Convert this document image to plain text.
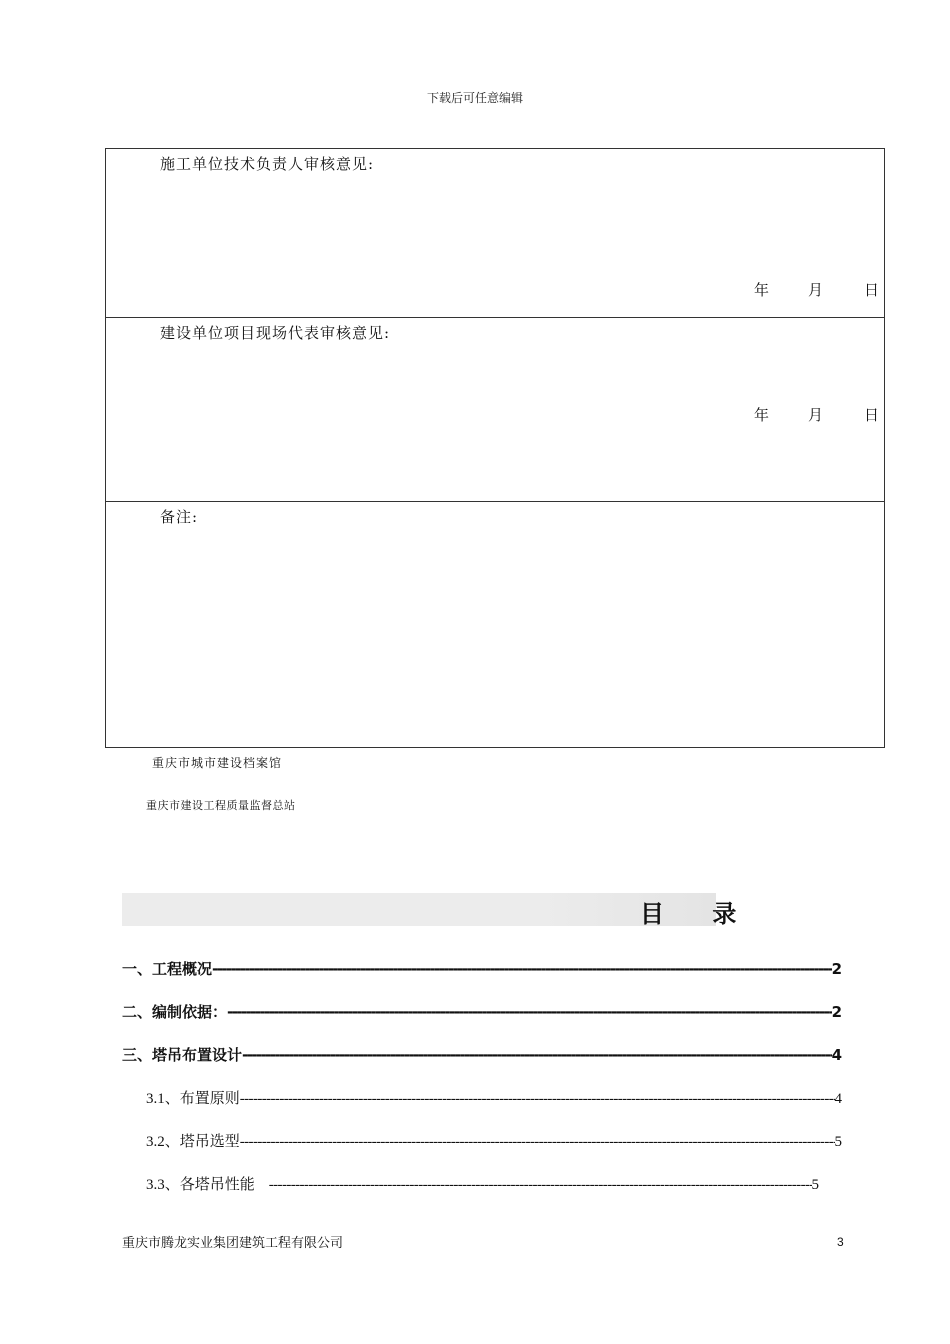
下载后可任意编辑
施工单位技术负责人审核意见:
年	月	日
建设单位项目现场代表审核意见:
年	月	日
备注:
重庆市城市建设档案馆
重庆市建设工程质量监督总站
目 录
一、工程概况 -----	2
二、编制依据： -----	2
三、塔吊布置设计 -----	4
3.1、布置原则 -----	4
3.2、塔吊选型 -----	5
3.3、各塔吊性能 -----	5
重庆市腾龙实业集团建筑工程有限公司	3
